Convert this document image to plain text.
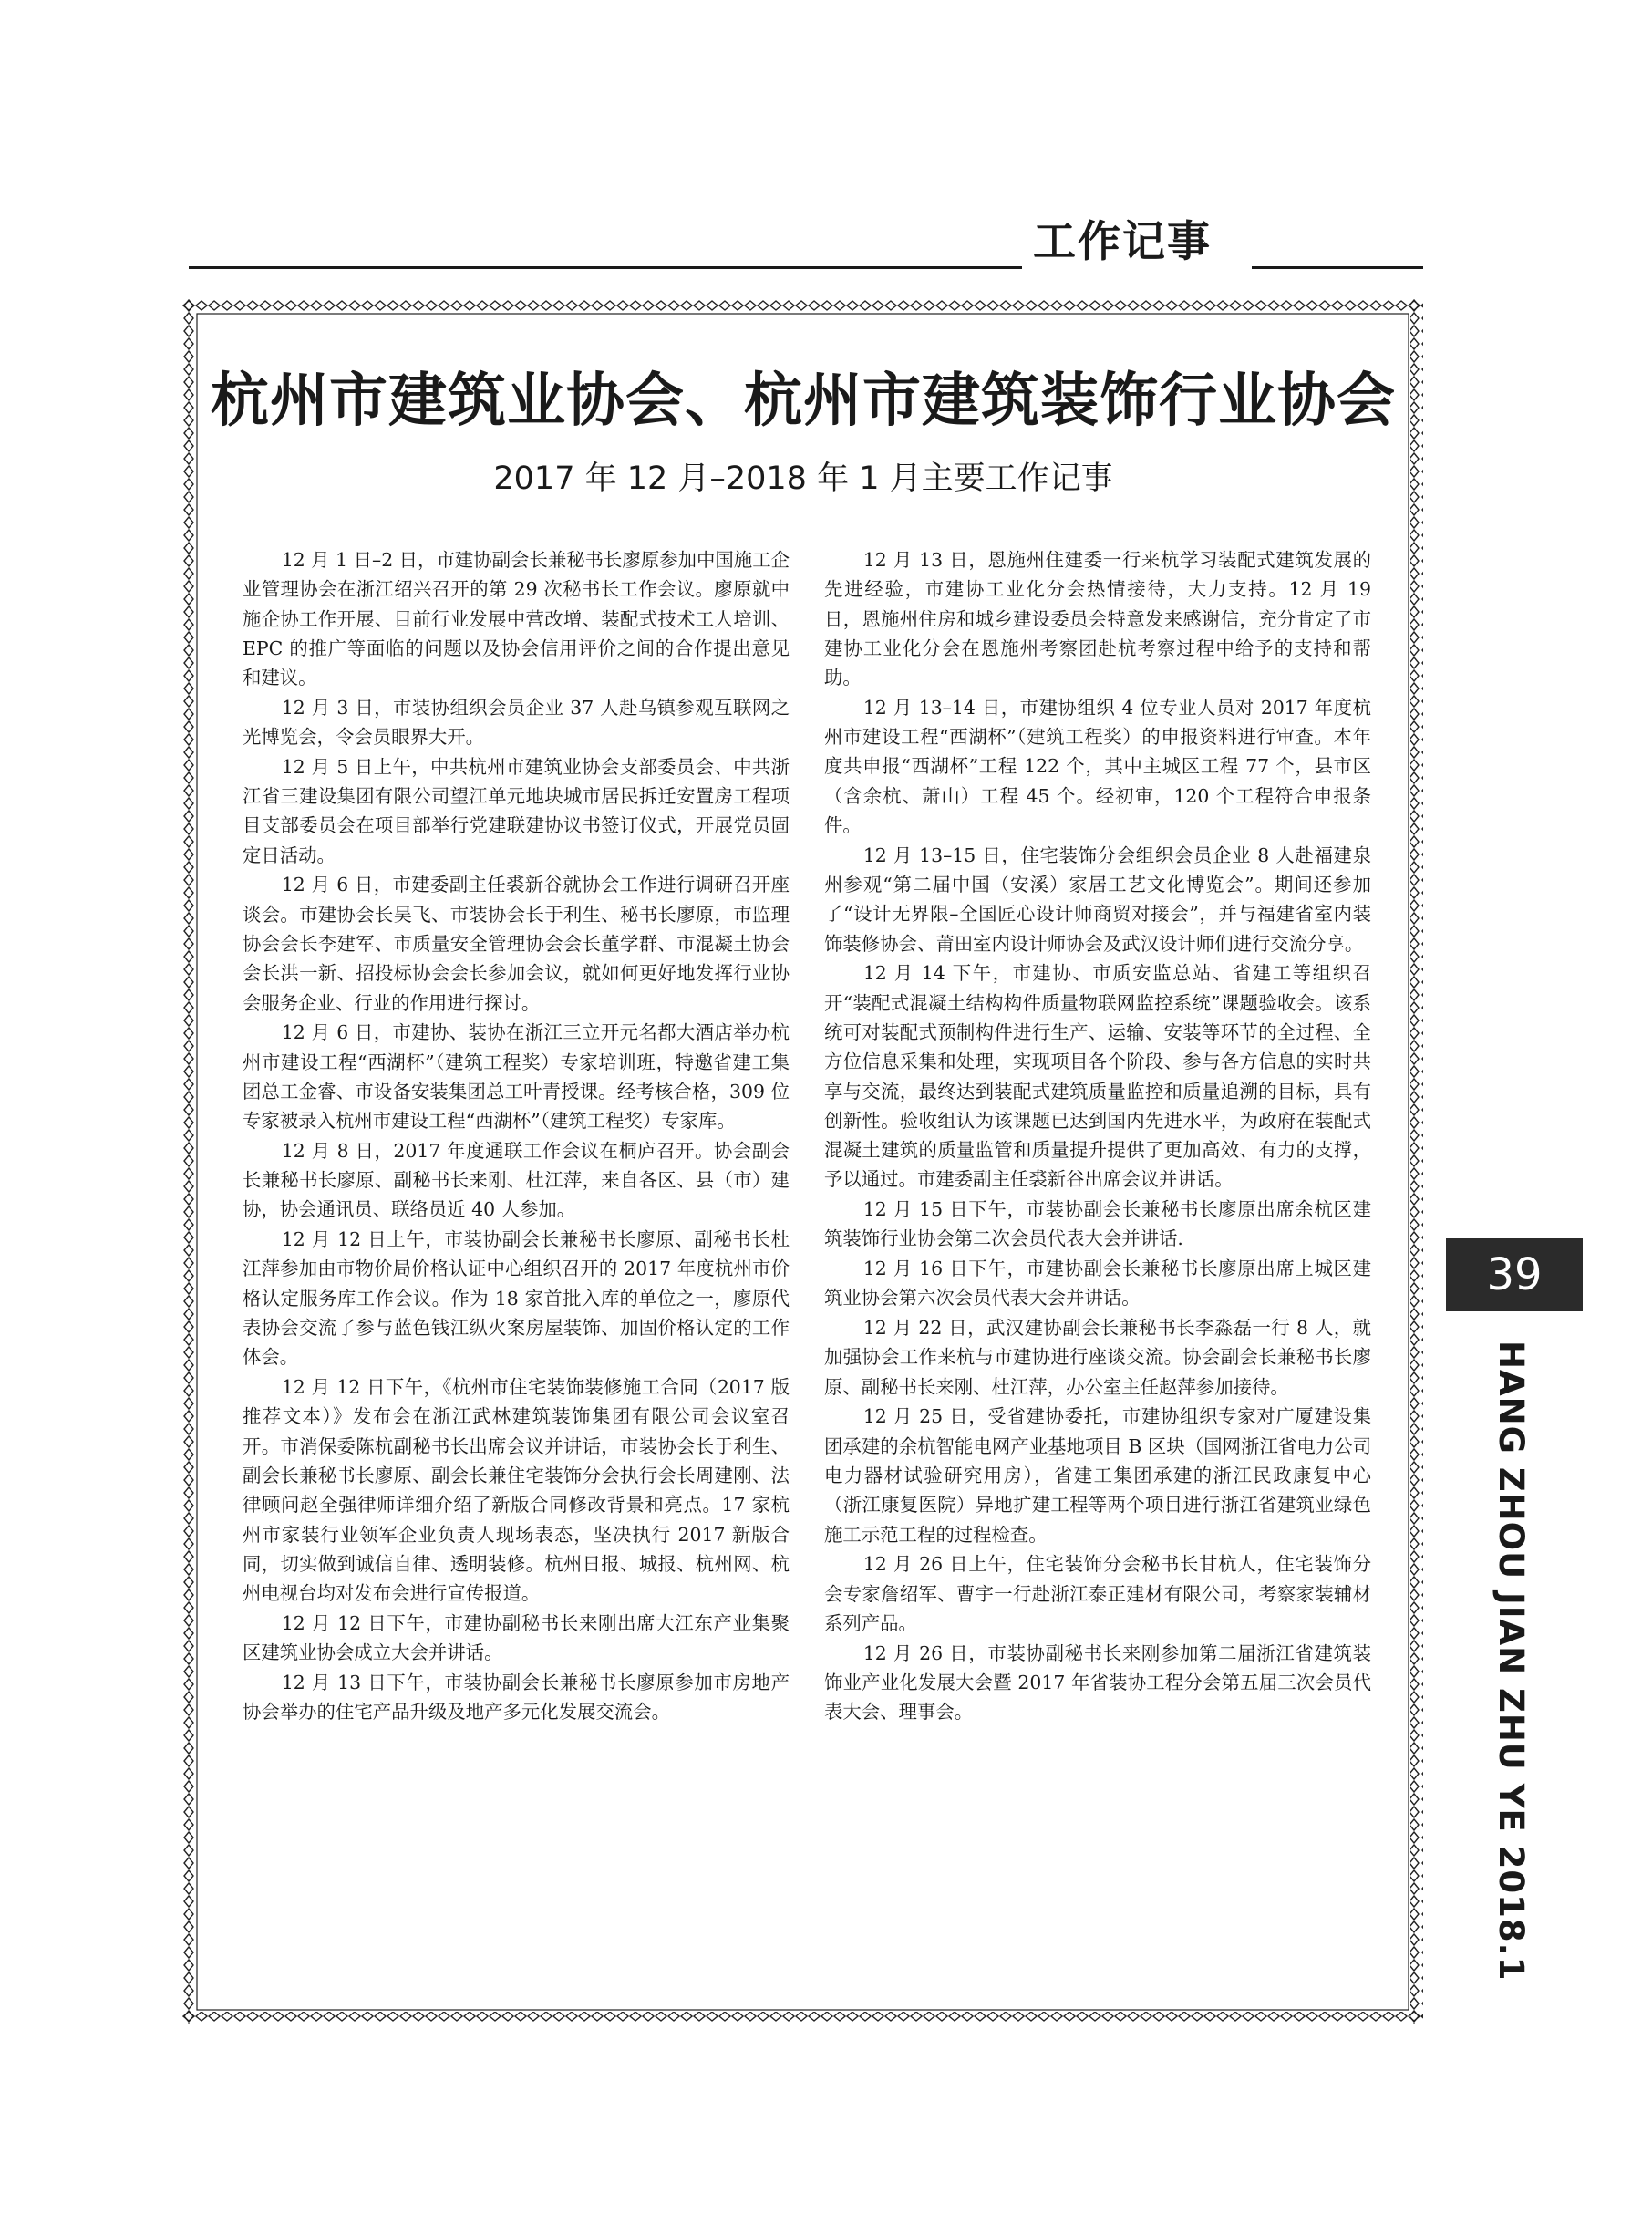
工作记事
杭州市建筑业协会、杭州市建筑装饰行业协会
2017 年 12 月–2018 年 1 月主要工作记事

12 月 1 日–2 日，市建协副会长兼秘书长廖原参加中国施工企业管理协会在浙江绍兴召开的第 29 次秘书长工作会议。廖原就中施企协工作开展、目前行业发展中营改增、装配式技术工人培训、EPC 的推广等面临的问题以及协会信用评价之间的合作提出意见和建议。

12 月 3 日，市装协组织会员企业 37 人赴乌镇参观互联网之光博览会，令会员眼界大开。

12 月 5 日上午，中共杭州市建筑业协会支部委员会、中共浙江省三建设集团有限公司望江单元地块城市居民拆迁安置房工程项目支部委员会在项目部举行党建联建协议书签订仪式，开展党员固定日活动。

12 月 6 日，市建委副主任裘新谷就协会工作进行调研召开座谈会。市建协会长吴飞、市装协会长于利生、秘书长廖原，市监理协会会长李建军、市质量安全管理协会会长董学群、市混凝土协会会长洪一新、招投标协会会长参加会议，就如何更好地发挥行业协会服务企业、行业的作用进行探讨。

12 月 6 日，市建协、装协在浙江三立开元名都大酒店举办杭州市建设工程“西湖杯”（建筑工程奖）专家培训班，特邀省建工集团总工金睿、市设备安装集团总工叶青授课。经考核合格，309 位专家被录入杭州市建设工程“西湖杯”（建筑工程奖）专家库。

12 月 8 日，2017 年度通联工作会议在桐庐召开。协会副会长兼秘书长廖原、副秘书长来刚、杜江萍，来自各区、县（市）建协，协会通讯员、联络员近 40 人参加。

12 月 12 日上午，市装协副会长兼秘书长廖原、副秘书长杜江萍参加由市物价局价格认证中心组织召开的 2017 年度杭州市价格认定服务库工作会议。作为 18 家首批入库的单位之一，廖原代表协会交流了参与蓝色钱江纵火案房屋装饰、加固价格认定的工作体会。

12 月 12 日下午，《杭州市住宅装饰装修施工合同（2017 版推荐文本）》发布会在浙江武林建筑装饰集团有限公司会议室召开。市消保委陈杭副秘书长出席会议并讲话，市装协会长于利生、副会长兼秘书长廖原、副会长兼住宅装饰分会执行会长周建刚、法律顾问赵全强律师详细介绍了新版合同修改背景和亮点。17 家杭州市家装行业领军企业负责人现场表态，坚决执行 2017 新版合同，切实做到诚信自律、透明装修。杭州日报、城报、杭州网、杭州电视台均对发布会进行宣传报道。

12 月 12 日下午，市建协副秘书长来刚出席大江东产业集聚区建筑业协会成立大会并讲话。

12 月 13 日下午，市装协副会长兼秘书长廖原参加市房地产协会举办的住宅产品升级及地产多元化发展交流会。

12 月 13 日，恩施州住建委一行来杭学习装配式建筑发展的先进经验，市建协工业化分会热情接待，大力支持。12 月 19 日，恩施州住房和城乡建设委员会特意发来感谢信，充分肯定了市建协工业化分会在恩施州考察团赴杭考察过程中给予的支持和帮助。

12 月 13–14 日，市建协组织 4 位专业人员对 2017 年度杭州市建设工程“西湖杯”（建筑工程奖）的申报资料进行审查。本年度共申报“西湖杯”工程 122 个，其中主城区工程 77 个，县市区（含余杭、萧山）工程 45 个。经初审，120 个工程符合申报条件。

12 月 13–15 日，住宅装饰分会组织会员企业 8 人赴福建泉州参观“第二届中国（安溪）家居工艺文化博览会”。期间还参加了“设计无界限–全国匠心设计师商贸对接会”，并与福建省室内装饰装修协会、莆田室内设计师协会及武汉设计师们进行交流分享。

12 月 14 下午，市建协、市质安监总站、省建工等组织召开“装配式混凝土结构构件质量物联网监控系统”课题验收会。该系统可对装配式预制构件进行生产、运输、安装等环节的全过程、全方位信息采集和处理，实现项目各个阶段、参与各方信息的实时共享与交流，最终达到装配式建筑质量监控和质量追溯的目标，具有创新性。验收组认为该课题已达到国内先进水平，为政府在装配式混凝土建筑的质量监管和质量提升提供了更加高效、有力的支撑，予以通过。市建委副主任裘新谷出席会议并讲话。

12 月 15 日下午，市装协副会长兼秘书长廖原出席余杭区建筑装饰行业协会第二次会员代表大会并讲话.

12 月 16 日下午，市建协副会长兼秘书长廖原出席上城区建筑业协会第六次会员代表大会并讲话。

12 月 22 日，武汉建协副会长兼秘书长李淼磊一行 8 人，就加强协会工作来杭与市建协进行座谈交流。协会副会长兼秘书长廖原、副秘书长来刚、杜江萍，办公室主任赵萍参加接待。

12 月 25 日，受省建协委托，市建协组织专家对广厦建设集团承建的余杭智能电网产业基地项目 B 区块（国网浙江省电力公司电力器材试验研究用房），省建工集团承建的浙江民政康复中心（浙江康复医院）异地扩建工程等两个项目进行浙江省建筑业绿色施工示范工程的过程检查。

12 月 26 日上午，住宅装饰分会秘书长甘杭人，住宅装饰分会专家詹绍军、曹宇一行赴浙江泰正建材有限公司，考察家装辅材系列产品。

12 月 26 日，市装协副秘书长来刚参加第二届浙江省建筑装饰业产业化发展大会暨 2017 年省装协工程分会第五届三次会员代表大会、理事会。

39
HANG ZHOU JIAN ZHU YE 2018.1
